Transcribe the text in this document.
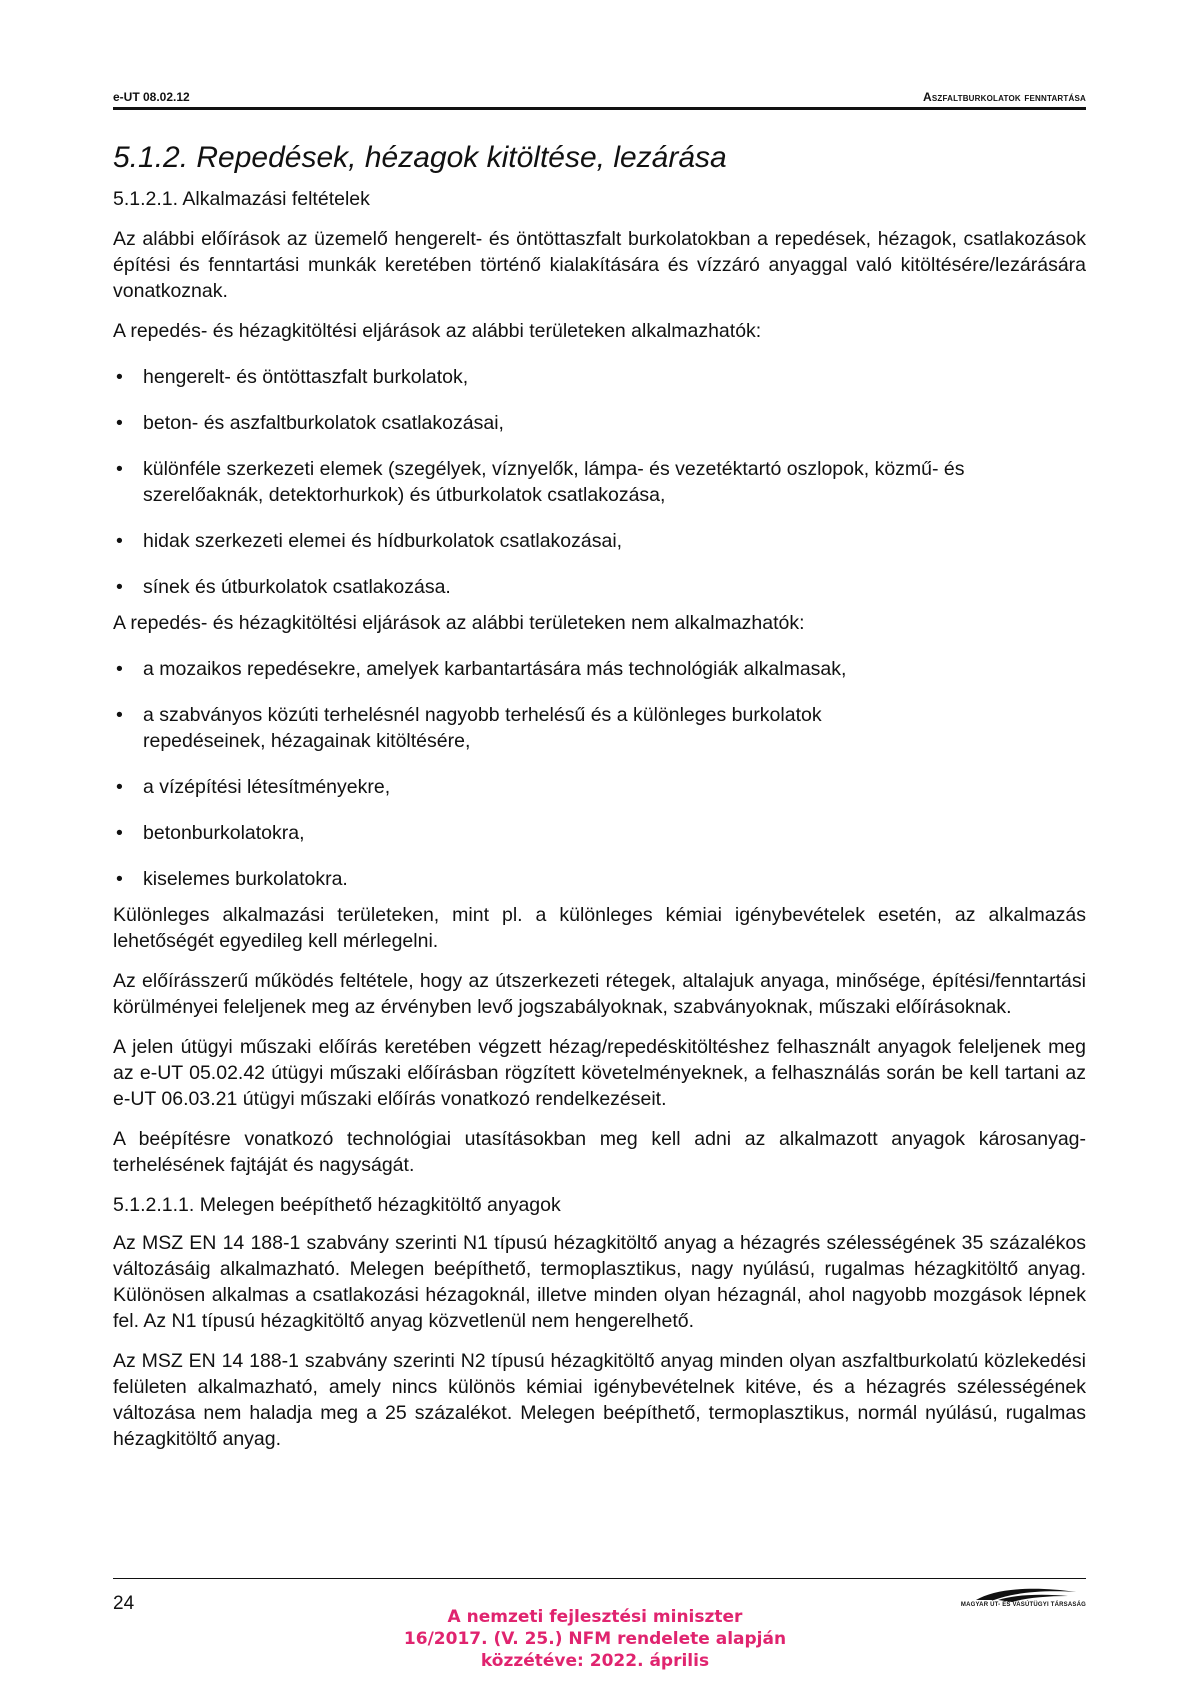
e-UT 08.02.12	Aszfaltburkolatok fenntartása
5.1.2. Repedések, hézagok kitöltése, lezárása
5.1.2.1. Alkalmazási feltételek

Az alábbi előírások az üzemelő hengerelt- és öntöttaszfalt burkolatokban a repedések, hézagok, csatlakozások építési és fenntartási munkák keretében történő kialakítására és vízzáró anyaggal való kitöltésére/lezárására vonatkoznak.

A repedés- és hézagkitöltési eljárások az alábbi területeken alkalmazhatók:

• hengerelt- és öntöttaszfalt burkolatok,
• beton- és aszfaltburkolatok csatlakozásai,
• különféle szerkezeti elemek (szegélyek, víznyelők, lámpa- és vezetéktartó oszlopok, közmű- és szerelőaknák, detektorhurkok) és útburkolatok csatlakozása,
• hidak szerkezeti elemei és hídburkolatok csatlakozásai,
• sínek és útburkolatok csatlakozása.

A repedés- és hézagkitöltési eljárások az alábbi területeken nem alkalmazhatók:

• a mozaikos repedésekre, amelyek karbantartására más technológiák alkalmasak,
• a szabványos közúti terhelésnél nagyobb terhelésű és a különleges burkolatok repedéseinek, hézagainak kitöltésére,
• a vízépítési létesítményekre,
• betonburkolatokra,
• kiselemes burkolatokra.

Különleges alkalmazási területeken, mint pl. a különleges kémiai igénybevételek esetén, az alkalmazás lehetőségét egyedileg kell mérlegelni.

Az előírásszerű működés feltétele, hogy az útszerkezeti rétegek, altalajuk anyaga, minősége, építési/fenntartási körülményei feleljenek meg az érvényben levő jogszabályoknak, szabványoknak, műszaki előírásoknak.

A jelen útügyi műszaki előírás keretében végzett hézag/repedéskitöltéshez felhasznált anyagok feleljenek meg az e-UT 05.02.42 útügyi műszaki előírásban rögzített követelményeknek, a felhasználás során be kell tartani az e-UT 06.03.21 útügyi műszaki előírás vonatkozó rendelkezéseit.

A beépítésre vonatkozó technológiai utasításokban meg kell adni az alkalmazott anyagok károsanyag-terhelésének fajtáját és nagyságát.

5.1.2.1.1. Melegen beépíthető hézagkitöltő anyagok

Az MSZ EN 14 188-1 szabvány szerinti N1 típusú hézagkitöltő anyag a hézagrés szélességének 35 százalékos változásáig alkalmazható. Melegen beépíthető, termoplasztikus, nagy nyúlású, rugalmas hézagkitöltő anyag. Különösen alkalmas a csatlakozási hézagoknál, illetve minden olyan hézagnál, ahol nagyobb mozgások lépnek fel. Az N1 típusú hézagkitöltő anyag közvetlenül nem hengerelhető.

Az MSZ EN 14 188-1 szabvány szerinti N2 típusú hézagkitöltő anyag minden olyan aszfaltburkolatú közlekedési felületen alkalmazható, amely nincs különös kémiai igénybevételnek kitéve, és a hézagrés szélességének változása nem haladja meg a 25 százalékot. Melegen beépíthető, termoplasztikus, normál nyúlású, rugalmas hézagkitöltő anyag.

24	MAGYAR ÚT- ÉS VASÚTÜGYI TÁRSASÁG
A nemzeti fejlesztési miniszter
16/2017. (V. 25.) NFM rendelete alapján
közzétéve: 2022. április
